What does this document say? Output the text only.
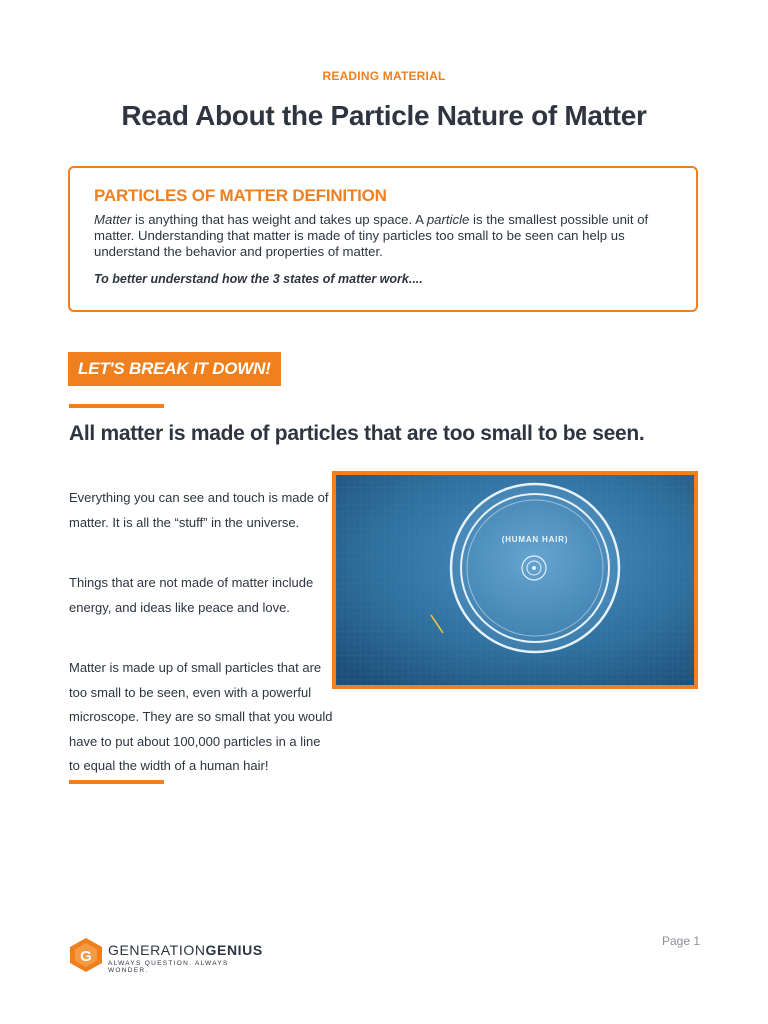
READING MATERIAL
Read About the Particle Nature of Matter
PARTICLES OF MATTER DEFINITION

Matter is anything that has weight and takes up space. A particle is the smallest possible unit of matter. Understanding that matter is made of tiny particles too small to be seen can help us understand the behavior and properties of matter.

To better understand how the 3 states of matter work....

LET'S BREAK IT DOWN!
All matter is made of particles that are too small to be seen.

Everything you can see and touch is made of matter. It is all the “stuff” in the universe.

Things that are not made of matter include energy, and ideas like peace and love.

Matter is made up of small particles that are too small to be seen, even with a powerful microscope. They are so small that you would have to put about 100,000 particles in a line to equal the width of a human hair!

(HUMAN HAIR)
G GENERATIONGENIUS
ALWAYS QUESTION. ALWAYS WONDER.
Page 1
